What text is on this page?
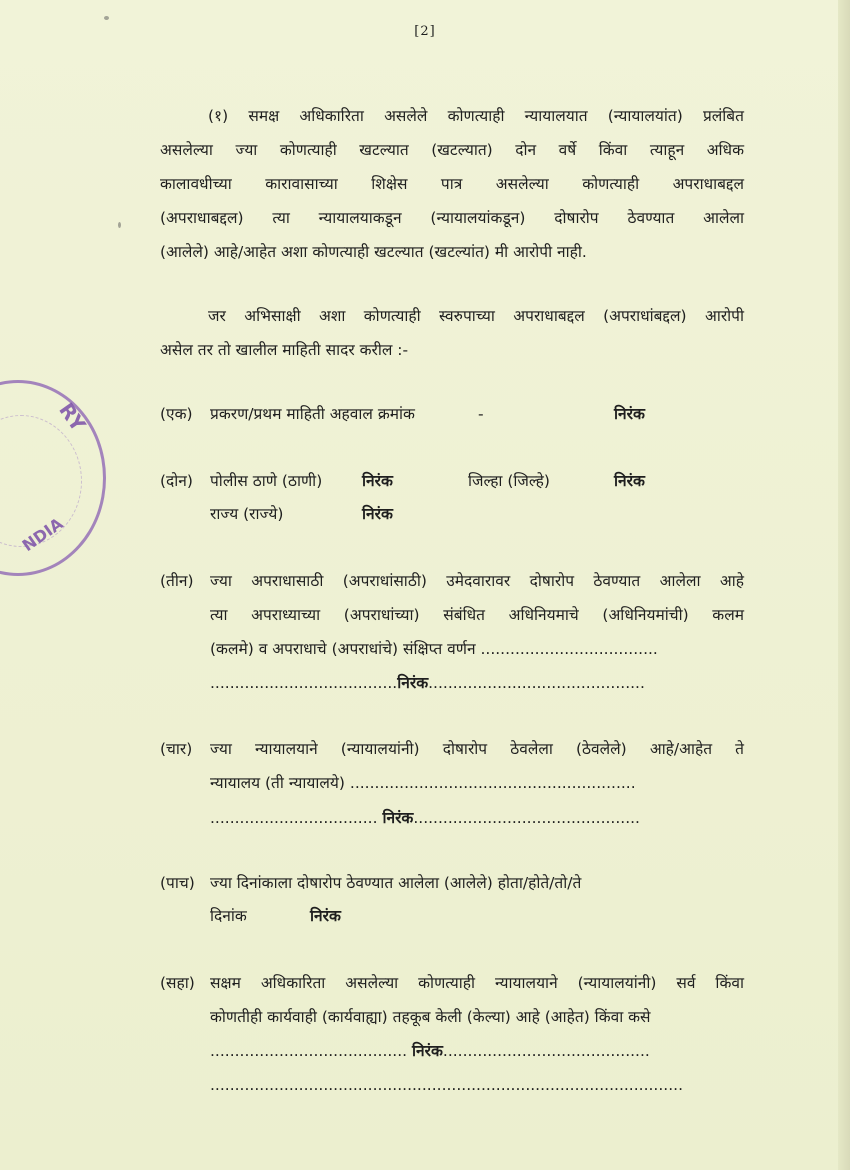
[2]
RY
NDIA
(१) समक्ष अधिकारिता असलेले कोणत्याही न्यायालयात (न्यायालयांत) प्रलंबित
असलेल्या ज्या कोणत्याही खटल्यात (खटल्यात) दोन वर्षे किंवा त्याहून अधिक
कालावधीच्या कारावासाच्या शिक्षेस पात्र असलेल्या कोणत्याही अपराधाबद्दल
(अपराधाबद्दल) त्या न्यायालयाकडून (न्यायालयांकडून) दोषारोप ठेवण्यात आलेला
(आलेले) आहे/आहेत अशा कोणत्याही खटल्यात (खटल्यांत) मी आरोपी नाही.
जर अभिसाक्षी अशा कोणत्याही स्वरुपाच्या अपराधाबद्दल (अपराधांबद्दल) आरोपी
असेल तर तो खालील माहिती सादर करील :-
(एक) प्रकरण/प्रथम माहिती अहवाल क्रमांक	-	निरंक
(दोन) पोलीस ठाणे (ठाणी)	निरंक	जिल्हा (जिल्हे)	निरंक
राज्य (राज्ये)	निरंक
(तीन) ज्या अपराधासाठी (अपराधांसाठी) उमेदवारावर दोषारोप ठेवण्यात आलेला आहे
त्या अपराध्याच्या (अपराधांच्या) संबंधित अधिनियमाचे (अधिनियमांची) कलम
(कलमे) व अपराधाचे (अपराधांचे) संक्षिप्त वर्णन ....................................
......................................निरंक............................................
(चार) ज्या न्यायालयाने (न्यायालयांनी) दोषारोप ठेवलेला (ठेवलेले) आहे/आहेत ते
न्यायालय (ती न्यायालये) ..........................................................
.................................. निरंक..............................................
(पाच) ज्या दिनांकाला दोषारोप ठेवण्यात आलेला (आलेले) होता/होते/तो/ते
दिनांक	निरंक
(सहा) सक्षम अधिकारिता असलेल्या कोणत्याही न्यायालयाने (न्यायालयांनी) सर्व किंवा
कोणतीही कार्यवाही (कार्यवाह्या) तहकूब केली (केल्या) आहे (आहेत) किंवा कसे
........................................ निरंक..........................................
................................................................................................
